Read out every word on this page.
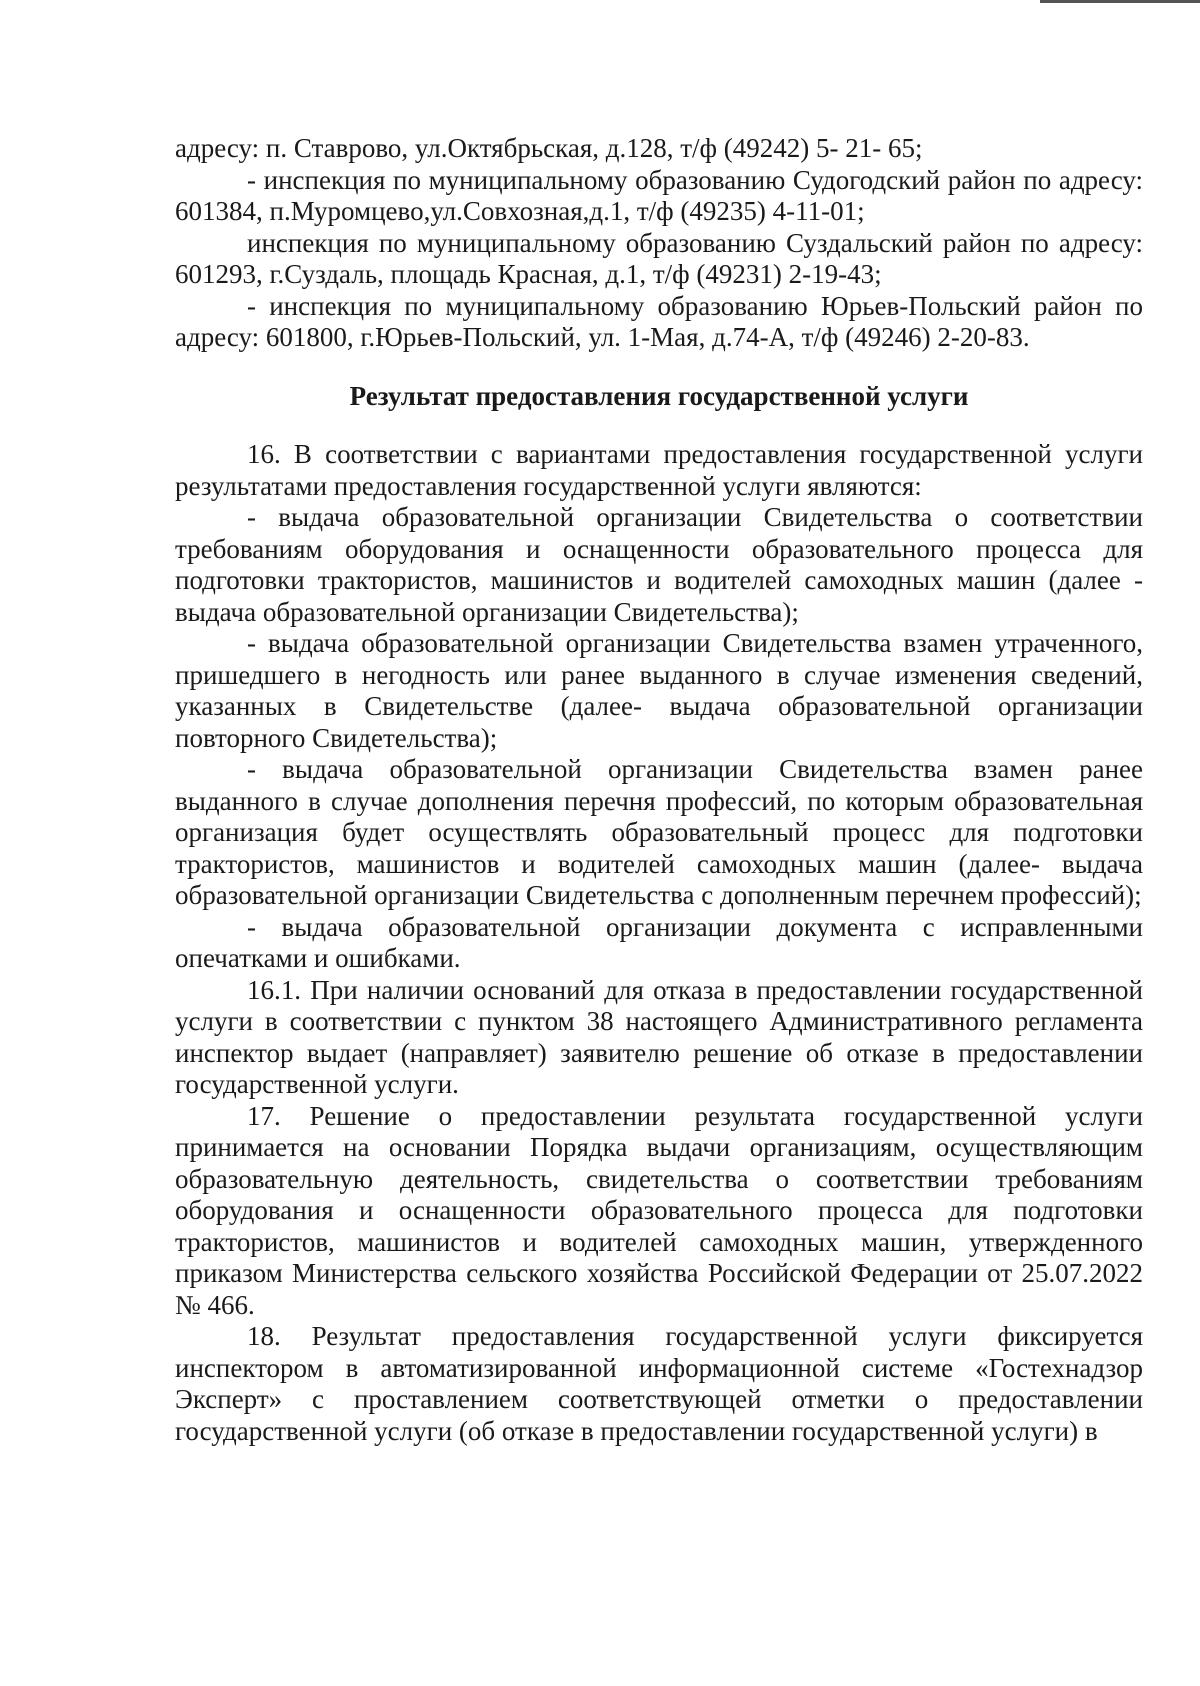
адресу: п. Ставрово, ул.Октябрьская, д.128, т/ф (49242) 5- 21- 65;

- инспекция по муниципальному образованию Судогодский район по адресу: 601384, п.Муромцево,ул.Совхозная,д.1, т/ф (49235) 4-11-01;

инспекция по муниципальному образованию Суздальский район по адресу: 601293, г.Суздаль, площадь Красная, д.1, т/ф (49231) 2-19-43;

- инспекция по муниципальному образованию Юрьев-Польский район по адресу: 601800, г.Юрьев-Польский, ул. 1-Мая, д.74-А, т/ф (49246) 2-20-83.

Результат предоставления государственной услуги

16. В соответствии с вариантами предоставления государственной услуги результатами предоставления государственной услуги являются:

- выдача образовательной организации Свидетельства о соответствии требованиям оборудования и оснащенности образовательного процесса для подготовки трактористов, машинистов и водителей самоходных машин (далее - выдача образовательной организации Свидетельства);

- выдача образовательной организации Свидетельства взамен утраченного, пришедшего в негодность или ранее выданного в случае изменения сведений, указанных в Свидетельстве (далее- выдача образовательной организации повторного Свидетельства);

- выдача образовательной организации Свидетельства взамен ранее выданного в случае дополнения перечня профессий, по которым образовательная организация будет осуществлять образовательный процесс для подготовки трактористов, машинистов и водителей самоходных машин (далее- выдача образовательной организации Свидетельства с дополненным перечнем профессий);

- выдача образовательной организации документа с исправленными опечатками и ошибками.

16.1. При наличии оснований для отказа в предоставлении государственной услуги в соответствии с пунктом 38 настоящего Административного регламента инспектор выдает (направляет) заявителю решение об отказе в предоставлении государственной услуги.

17. Решение о предоставлении результата государственной услуги принимается на основании Порядка выдачи организациям, осуществляющим образовательную деятельность, свидетельства о соответствии требованиям оборудования и оснащенности образовательного процесса для подготовки трактористов, машинистов и водителей самоходных машин, утвержденного приказом Министерства сельского хозяйства Российской Федерации от 25.07.2022 № 466.

18. Результат предоставления государственной услуги фиксируется инспектором в автоматизированной информационной системе «Гостехнадзор Эксперт» с проставлением соответствующей отметки о предоставлении государственной услуги (об отказе в предоставлении государственной услуги) в
